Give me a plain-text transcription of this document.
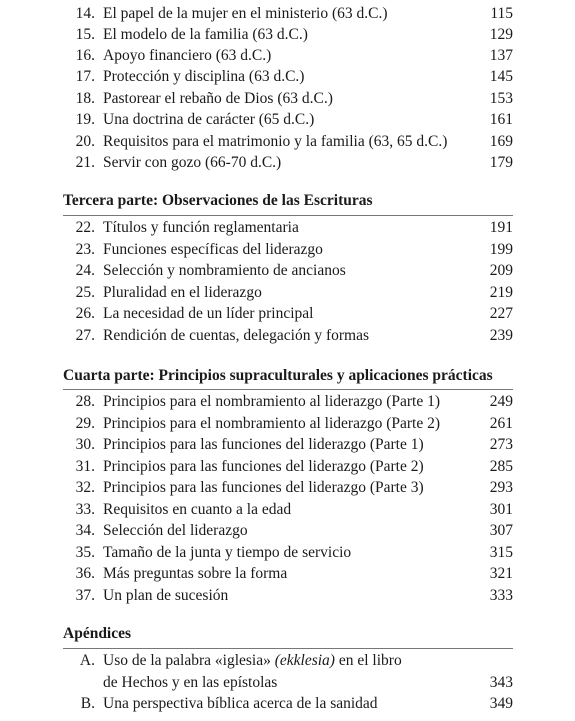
14. El papel de la mujer en el ministerio (63 d.C.)	115
15. El modelo de la familia (63 d.C.)	129
16. Apoyo financiero (63 d.C.)	137
17. Protección y disciplina (63 d.C.)	145
18. Pastorear el rebaño de Dios (63 d.C.)	153
19. Una doctrina de carácter (65 d.C.)	161
20. Requisitos para el matrimonio y la familia (63, 65 d.C.)	169
21. Servir con gozo (66-70 d.C.)	179
Tercera parte: Observaciones de las Escrituras
22. Títulos y función reglamentaria	191
23. Funciones específicas del liderazgo	199
24. Selección y nombramiento de ancianos	209
25. Pluralidad en el liderazgo	219
26. La necesidad de un líder principal	227
27. Rendición de cuentas, delegación y formas	239
Cuarta parte: Principios supraculturales y aplicaciones prácticas
28. Principios para el nombramiento al liderazgo (Parte 1)	249
29. Principios para el nombramiento al liderazgo (Parte 2)	261
30. Principios para las funciones del liderazgo (Parte 1)	273
31. Principios para las funciones del liderazgo (Parte 2)	285
32. Principios para las funciones del liderazgo (Parte 3)	293
33. Requisitos en cuanto a la edad	301
34. Selección del liderazgo	307
35. Tamaño de la junta y tiempo de servicio	315
36. Más preguntas sobre la forma	321
37. Un plan de sucesión	333
Apéndices
A. Uso de la palabra «iglesia» (ekklesia) en el libro
de Hechos y en las epístolas	343
B. Una perspectiva bíblica acerca de la sanidad	349
